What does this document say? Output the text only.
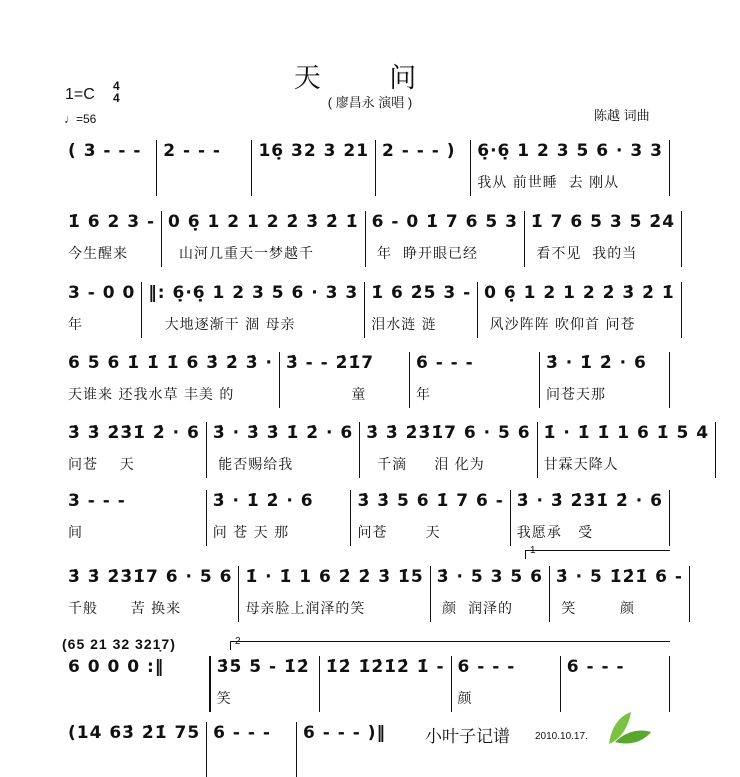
天 问
( 廖昌永 演唱 )
1=C 4
4
♩=56	陈越 词曲
( 3 - - -	2 - - -	16̣ 32 3 21 2 - - - )	6̣·6̣ 1 2 3 5 6 · 3 3
我从 前世睡  去 刚从
1̇ 6 2 3 -
今生醒来
0 6̣ 1 2 1 2 2̇ 3̇ 2̇ 1̇
山河几重天一梦越千
6 - 0 1̇ 7 6 5 3
年  睁开眼已经
1̇ 7 6 5 3 5 2̇4
看不见  我的当
3 - 0 0
年
‖: 6̣·6̣ 1 2 3 5 6 · 3 3
大地逐渐干 涸 母亲
1̇ 6 2̇5 3 -
泪水涟 涟
0 6̣ 1 2 1 2 2̇ 3̇ 2̇ 1̇
风沙阵阵 吹仰首 问苍
6 5 6 1̇ 1̇ 1̇ 6 3̇ 2̇ 3̇ ·
天谁来 还我水草 丰美 的
3̇ - - 2̇1̇7
童
6 - - -
年
3̇ · 1̇ 2̇ · 6
问苍天那
3̇ 3̇ 2̇3̇1̇ 2̇ · 6
问苍    天
3̇ · 3̇ 3̇ 1̇ 2̇ · 6
能否赐给我
3̇ 3̇ 2̇3̇1̇7 6 · 5 6
千滴     泪 化为
1̇ · 1̇ 1̇ 1 6 1̇ 5 4
甘霖天降人
3 - - -
间
3̇ · 1̇ 2̇ · 6
问 苍 天 那
3̇ 3̇ 5 6 1̇ 7 6 -
问苍       天
3̇ · 3̇ 2̇3̇1̇ 2̇ · 6
我愿承   受
3̇ 3̇ 2̇3̇1̇7 6 · 5 6
千般      苦 换来
1̇ · 1̇ 1 6 2̇ 2̇ 3̇ 1̇5
母亲脸上润泽的笑
3̇ · 5 3 5 6
颜  润泽的
3̇ · 5 1̇2̇1̇ 6 -
笑        颜
6 0 0 0 :‖	3̇5̇ 5̇ - 1̇2̇
笑
1̇2̇ 1̇2̇1̇2̇ 1̇ - 6 - - -
颜
6 - - -
(14 63̇ 2̇1̇ 75 6 - - -	6 - - - )‖
(65 21 32 321̣7)
小叶子记谱	2010.10.17.
1
2
